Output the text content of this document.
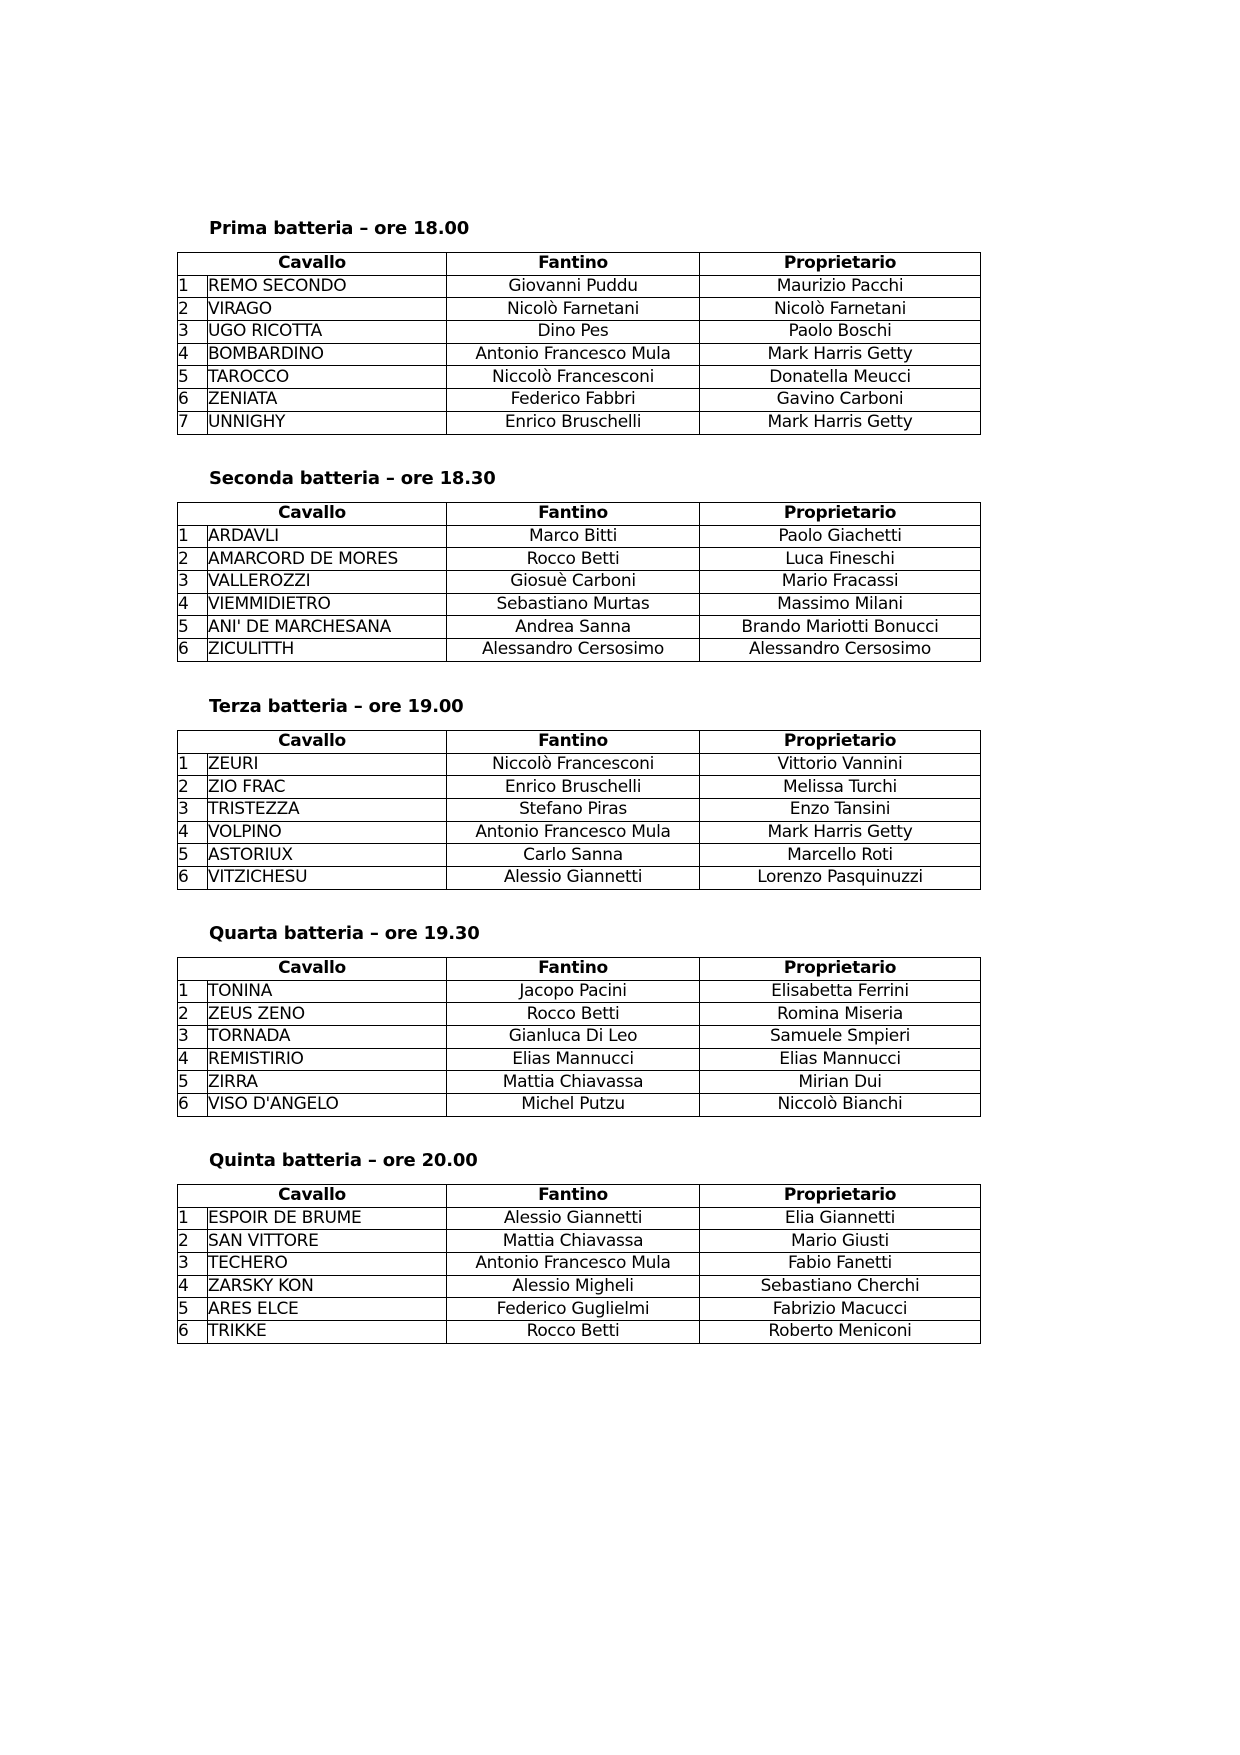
Prima batteria – ore 18.00
Cavallo		Fantino	Proprietario
1	REMO SECONDO	Giovanni Puddu	Maurizio Pacchi
2	VIRAGO	Nicolò Farnetani	Nicolò Farnetani
3	UGO RICOTTA	Dino Pes	Paolo Boschi
4	BOMBARDINO	Antonio Francesco Mula	Mark Harris Getty
5	TAROCCO	Niccolò Francesconi	Donatella Meucci
6	ZENIATA	Federico Fabbri	Gavino Carboni
7	UNNIGHY	Enrico Bruschelli	Mark Harris Getty
Seconda batteria – ore 18.30
Cavallo		Fantino	Proprietario
1	ARDAVLI	Marco Bitti	Paolo Giachetti
2	AMARCORD DE MORES	Rocco Betti	Luca Fineschi
3	VALLEROZZI	Giosuè Carboni	Mario Fracassi
4	VIEMMIDIETRO	Sebastiano Murtas	Massimo Milani
5	ANI' DE MARCHESANA	Andrea Sanna	Brando Mariotti Bonucci
6	ZICULITTH	Alessandro Cersosimo	Alessandro Cersosimo
Terza batteria – ore 19.00
Cavallo		Fantino	Proprietario
1	ZEURI	Niccolò Francesconi	Vittorio Vannini
2	ZIO FRAC	Enrico Bruschelli	Melissa Turchi
3	TRISTEZZA	Stefano Piras	Enzo Tansini
4	VOLPINO	Antonio Francesco Mula	Mark Harris Getty
5	ASTORIUX	Carlo Sanna	Marcello Roti
6	VITZICHESU	Alessio Giannetti	Lorenzo Pasquinuzzi
Quarta batteria – ore 19.30
Cavallo		Fantino	Proprietario
1	TONINA	Jacopo Pacini	Elisabetta Ferrini
2	ZEUS ZENO	Rocco Betti	Romina Miseria
3	TORNADA	Gianluca Di Leo	Samuele Smpieri
4	REMISTIRIO	Elias Mannucci	Elias Mannucci
5	ZIRRA	Mattia Chiavassa	Mirian Dui
6	VISO D'ANGELO	Michel Putzu	Niccolò Bianchi
Quinta batteria – ore 20.00
Cavallo		Fantino	Proprietario
1	ESPOIR DE BRUME	Alessio Giannetti	Elia Giannetti
2	SAN VITTORE	Mattia Chiavassa	Mario Giusti
3	TECHERO	Antonio Francesco Mula	Fabio Fanetti
4	ZARSKY KON	Alessio Migheli	Sebastiano Cherchi
5	ARES ELCE	Federico Guglielmi	Fabrizio Macucci
6	TRIKKE	Rocco Betti	Roberto Meniconi
